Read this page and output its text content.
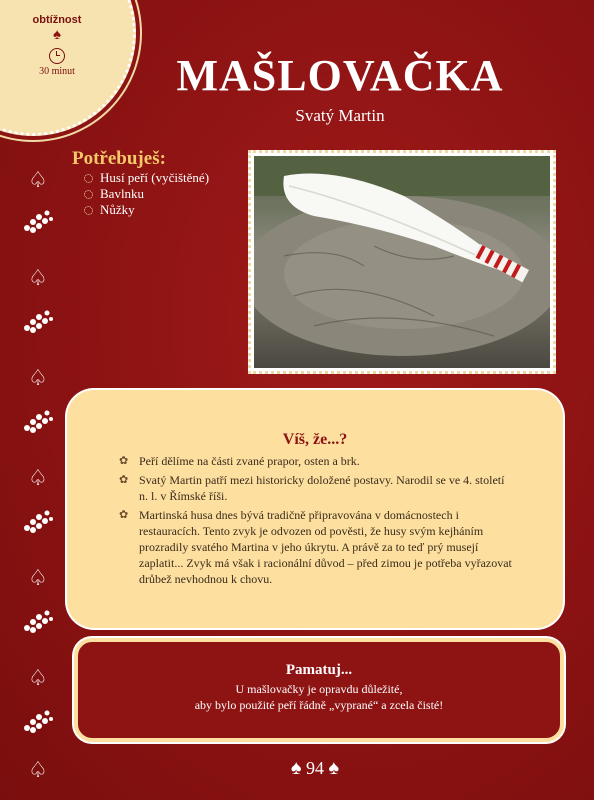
obtížnost
♠
30 minut	MAŠLOVAČKA
Svatý Martin
♤
♤
♤
♤
♤
♤
♤
Potřebuješ:
Husí peří (vyčištěné)
Bavlnku
Nůžky
Víš, že...?
✿ Peří dělíme na části zvané prapor, osten a brk.
✿ Svatý Martin patří mezi historicky doložené postavy. Narodil se ve 4. století n. l. v Římské říši.
✿ Martinská husa dnes bývá tradičně připravována v domácnostech i restauracích. Tento zvyk je odvozen od pověsti, že husy svým kejháním prozradily svatého Martina v jeho úkrytu. A právě za to teď prý musejí zaplatit... Zvyk má však i racionální důvod – před zimou je potřeba vyřazovat drůbež nevhodnou k chovu.
Pamatuj...
U mašlovačky je opravdu důležité,
aby bylo použité peří řádně „vyprané“ a zcela čisté!
♠ 94 ♠
